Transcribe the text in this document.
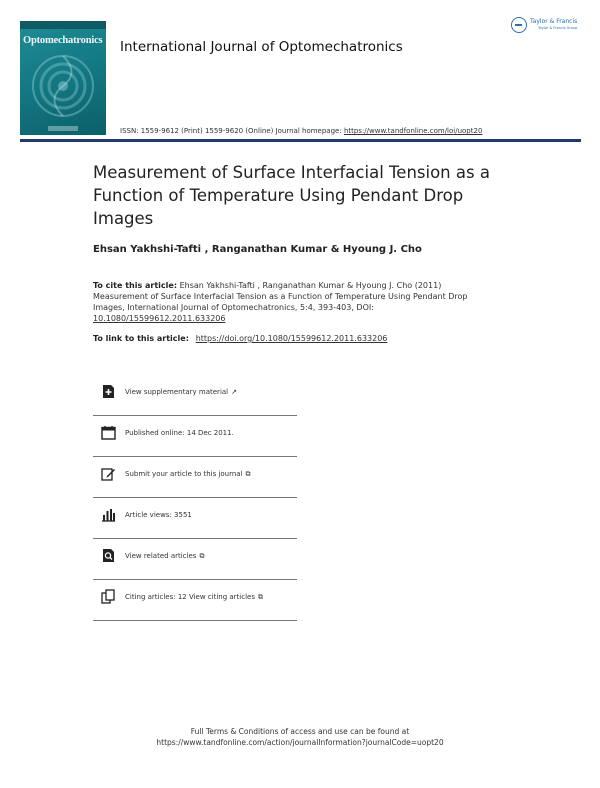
Optomechatronics International Journal of Optomechatronics
Taylor & Francis
Taylor & Francis Group
ISSN: 1559-9612 (Print) 1559-9620 (Online) Journal homepage: https://www.tandfonline.com/loi/uopt20
Measurement of Surface Interfacial Tension as a Function of Temperature Using Pendant Drop Images
Ehsan Yakhshi-Tafti , Ranganathan Kumar & Hyoung J. Cho
To cite this article: Ehsan Yakhshi-Tafti , Ranganathan Kumar & Hyoung J. Cho (2011) Measurement of Surface Interfacial Tension as a Function of Temperature Using Pendant Drop Images, International Journal of Optomechatronics, 5:4, 393-403, DOI: 10.1080/15599612.2011.633206
To link to this article: https://doi.org/10.1080/15599612.2011.633206
View supplementary material ↗
Published online: 14 Dec 2011.
Submit your article to this journal ⧉
Article views: 3551
View related articles ⧉
Citing articles: 12 View citing articles ⧉
Full Terms & Conditions of access and use can be found at
https://www.tandfonline.com/action/journalInformation?journalCode=uopt20
